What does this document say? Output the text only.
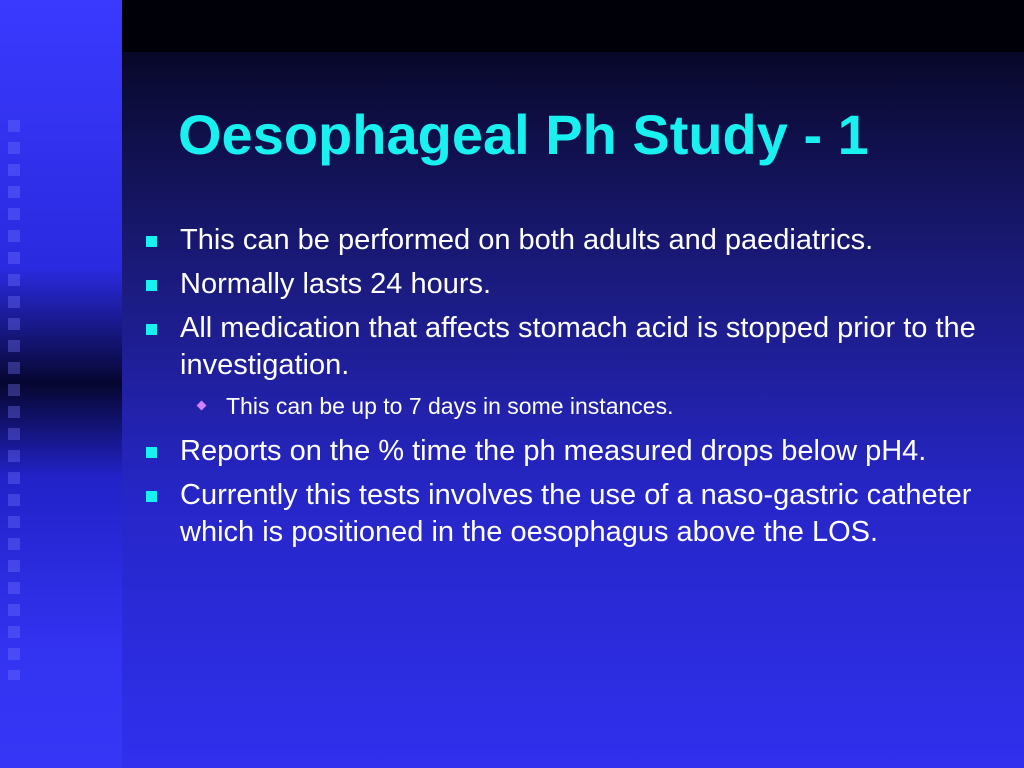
Oesophageal Ph Study - 1
This can be performed on both adults and paediatrics.
Normally lasts 24 hours.
All medication that affects stomach acid is stopped prior to the investigation.
This can be up to 7 days in some instances.
Reports on the % time the ph measured drops below pH4.
Currently this tests involves the use of a naso-gastric catheter which is positioned in the oesophagus above the LOS.
